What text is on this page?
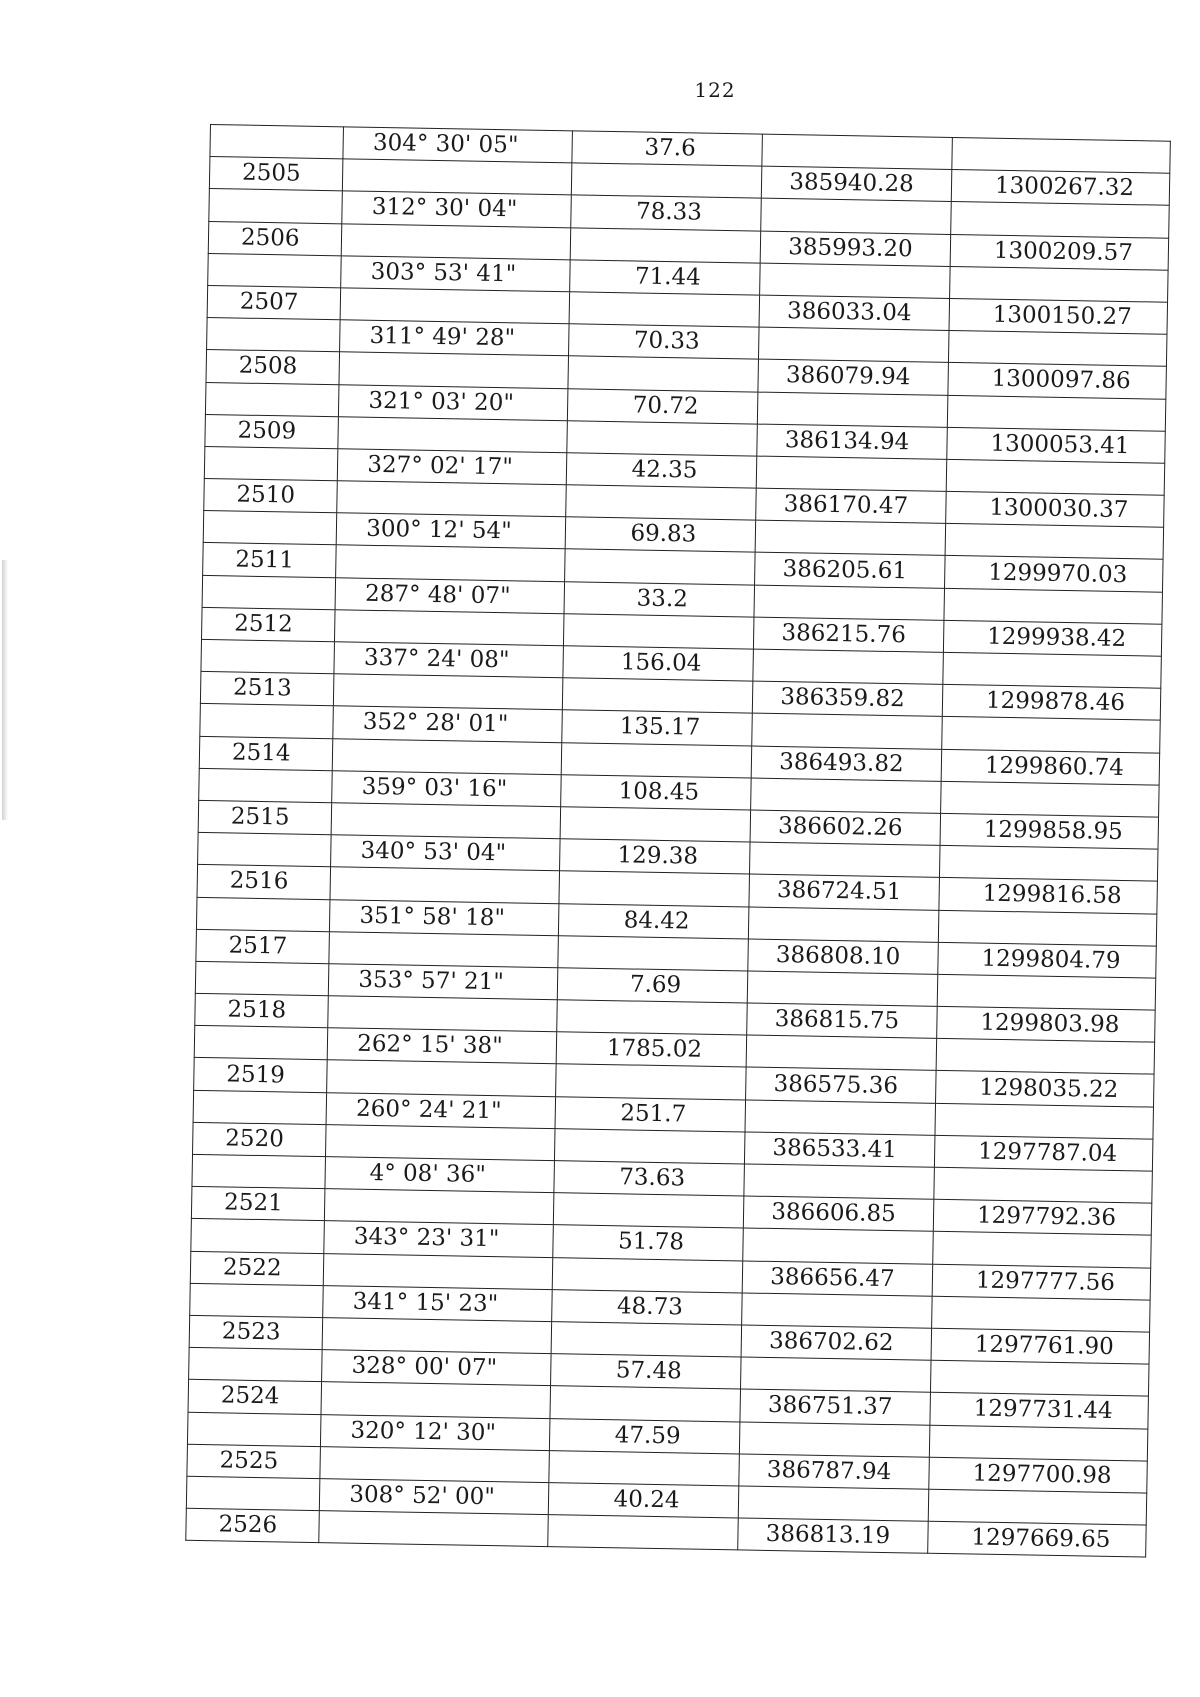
122
	304° 30' 05"	37.6		
2505			385940.28	1300267.32
	312° 30' 04"	78.33		
2506			385993.20	1300209.57
	303° 53' 41"	71.44		
2507			386033.04	1300150.27
	311° 49' 28"	70.33		
2508			386079.94	1300097.86
	321° 03' 20"	70.72		
2509			386134.94	1300053.41
	327° 02' 17"	42.35		
2510			386170.47	1300030.37
	300° 12' 54"	69.83		
2511			386205.61	1299970.03
	287° 48' 07"	33.2		
2512			386215.76	1299938.42
	337° 24' 08"	156.04		
2513			386359.82	1299878.46
	352° 28' 01"	135.17		
2514			386493.82	1299860.74
	359° 03' 16"	108.45		
2515			386602.26	1299858.95
	340° 53' 04"	129.38		
2516			386724.51	1299816.58
	351° 58' 18"	84.42		
2517			386808.10	1299804.79
	353° 57' 21"	7.69		
2518			386815.75	1299803.98
	262° 15' 38"	1785.02		
2519			386575.36	1298035.22
	260° 24' 21"	251.7		
2520			386533.41	1297787.04
	4° 08' 36"	73.63		
2521			386606.85	1297792.36
	343° 23' 31"	51.78		
2522			386656.47	1297777.56
	341° 15' 23"	48.73		
2523			386702.62	1297761.90
	328° 00' 07"	57.48		
2524			386751.37	1297731.44
	320° 12' 30"	47.59		
2525			386787.94	1297700.98
	308° 52' 00"	40.24		
2526			386813.19	1297669.65
